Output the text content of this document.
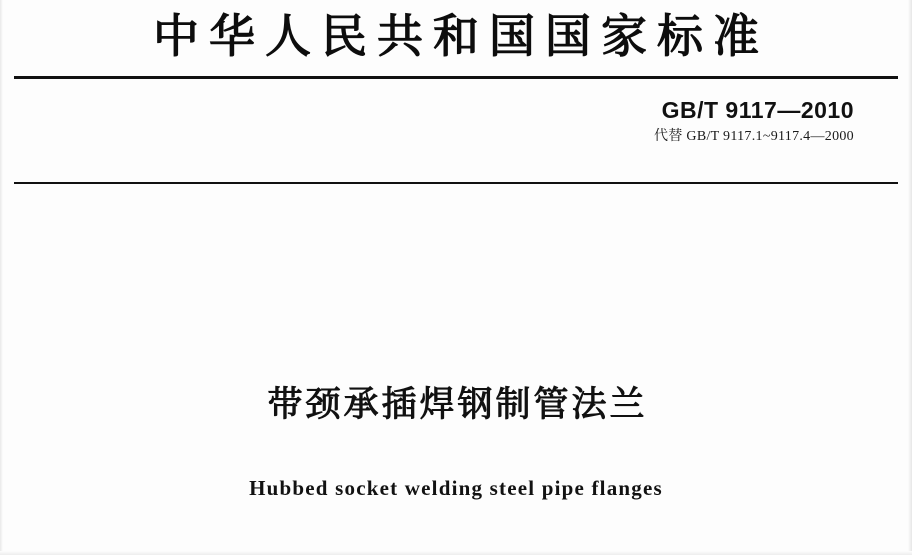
中华人民共和国国家标准
GB/T 9117—2010
代替 GB/T 9117.1~9117.4—2000
带颈承插焊钢制管法兰
Hubbed socket welding steel pipe flanges
